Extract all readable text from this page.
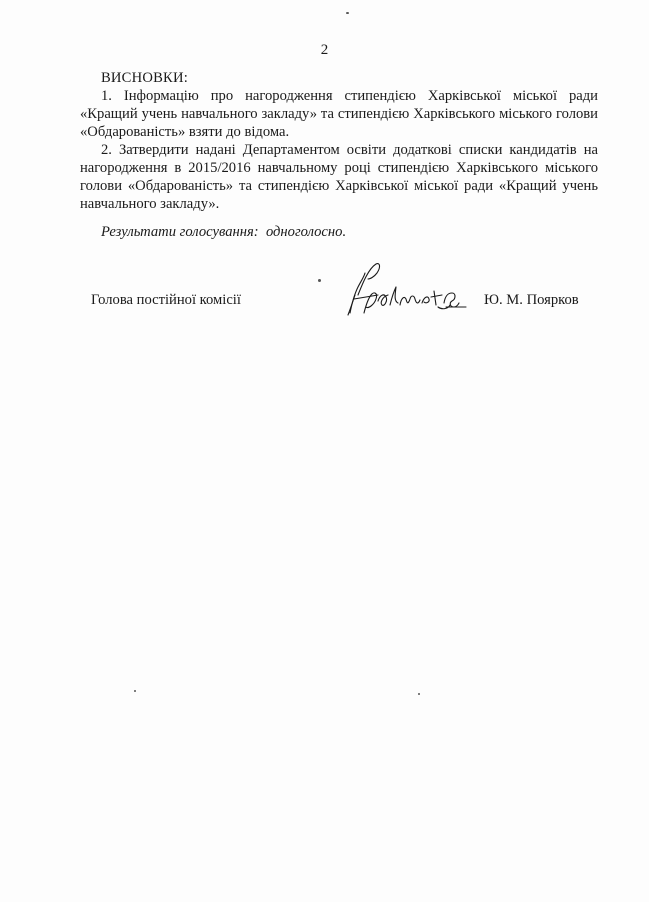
2
ВИСНОВКИ:

1. Інформацію про нагородження стипендією Харківської міської ради «Кращий учень навчального закладу» та стипендією Харківського міського голови «Обдарованість» взяти до відома.

2. Затвердити надані Департаментом освіти додаткові списки кандидатів на нагородження в 2015/2016 навчальному році стипендією Харківського міського голови «Обдарованість» та стипендією Харківської міської ради «Кращий учень навчального закладу».

Результати голосування: одноголосно.
Голова постійної комісії	Ю. М. Поярков
